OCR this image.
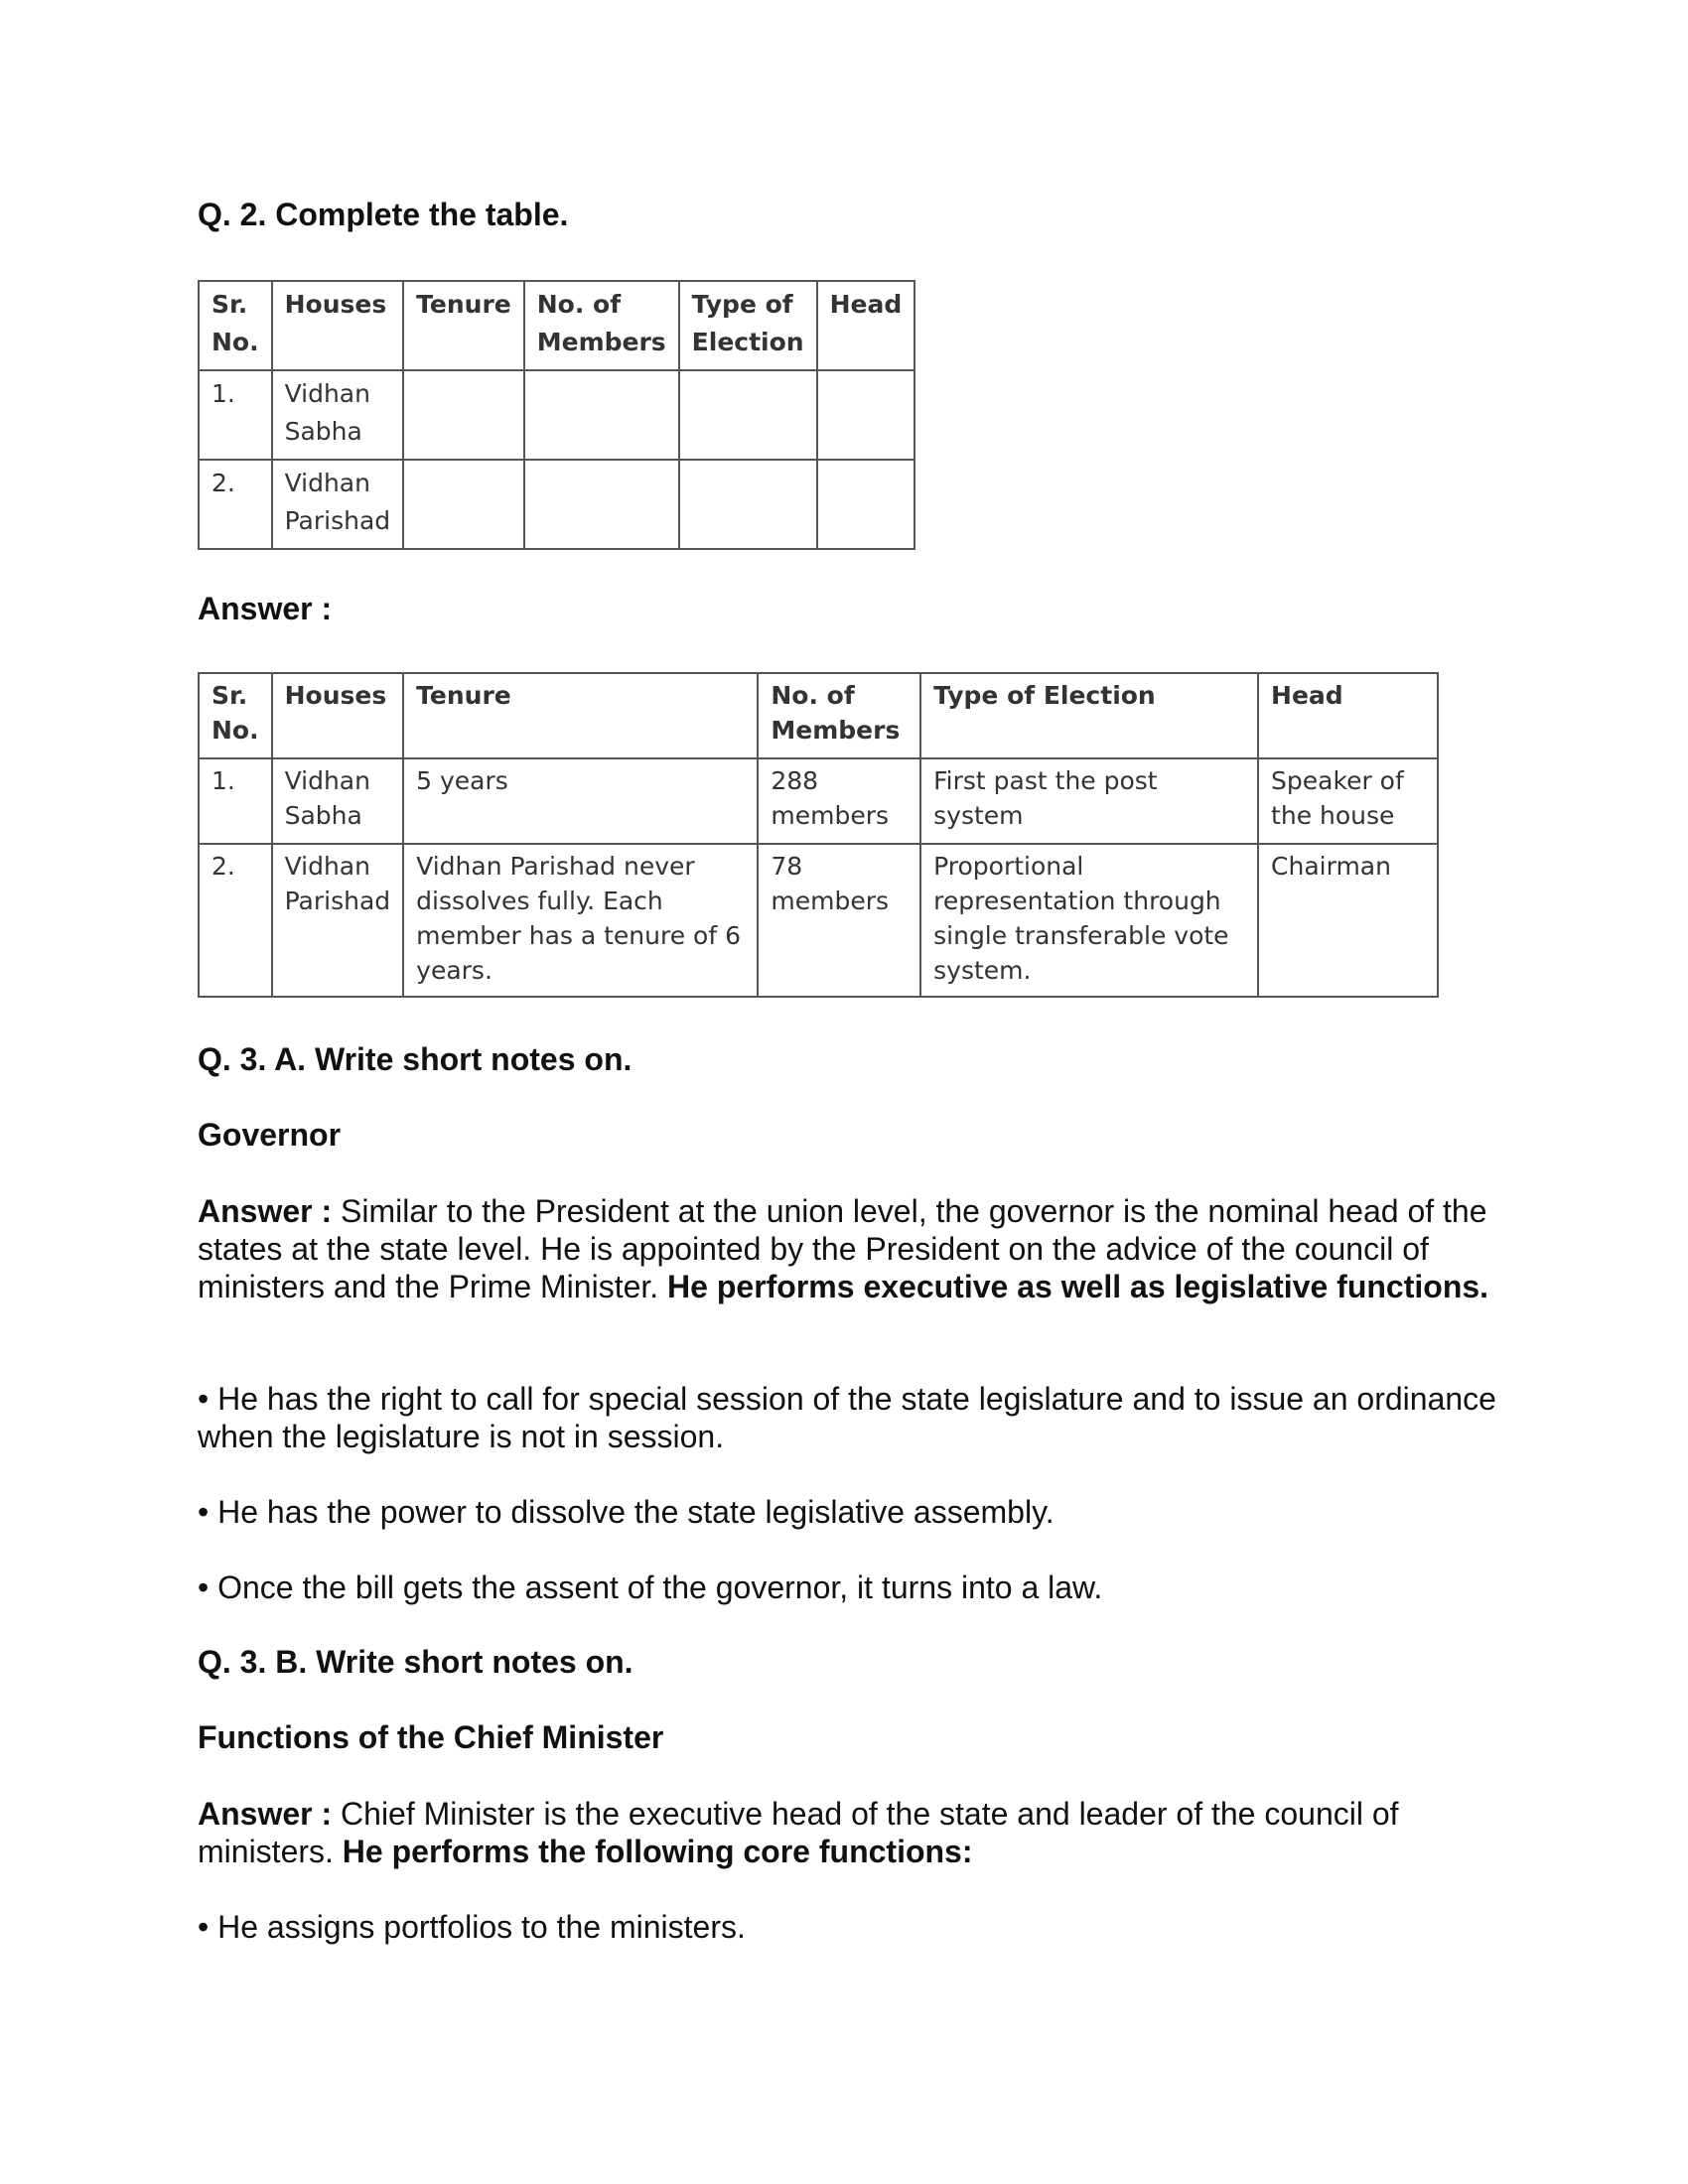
Q. 2. Complete the table.
Sr. No.	Houses	Tenure	No. of Members	Type of Election	Head
1.	Vidhan Sabha				
2.	Vidhan Parishad				
Answer :
Sr. No.	Houses	Tenure	No. of Members	Type of Election	Head
1.	Vidhan Sabha	5 years	288 members	First past the post system	Speaker of the house
2.	Vidhan Parishad	Vidhan Parishad never dissolves fully. Each member has a tenure of 6 years.	78 members	Proportional representation through single transferable vote system.	Chairman
Q. 3. A. Write short notes on.
Governor
Answer : Similar to the President at the union level, the governor is the nominal head of the states at the state level. He is appointed by the President on the advice of the council of ministers and the Prime Minister. He performs executive as well as legislative functions.
• He has the right to call for special session of the state legislature and to issue an ordinance when the legislature is not in session.
• He has the power to dissolve the state legislative assembly.
• Once the bill gets the assent of the governor, it turns into a law.
Q. 3. B. Write short notes on.
Functions of the Chief Minister
Answer : Chief Minister is the executive head of the state and leader of the council of ministers. He performs the following core functions:
• He assigns portfolios to the ministers.
